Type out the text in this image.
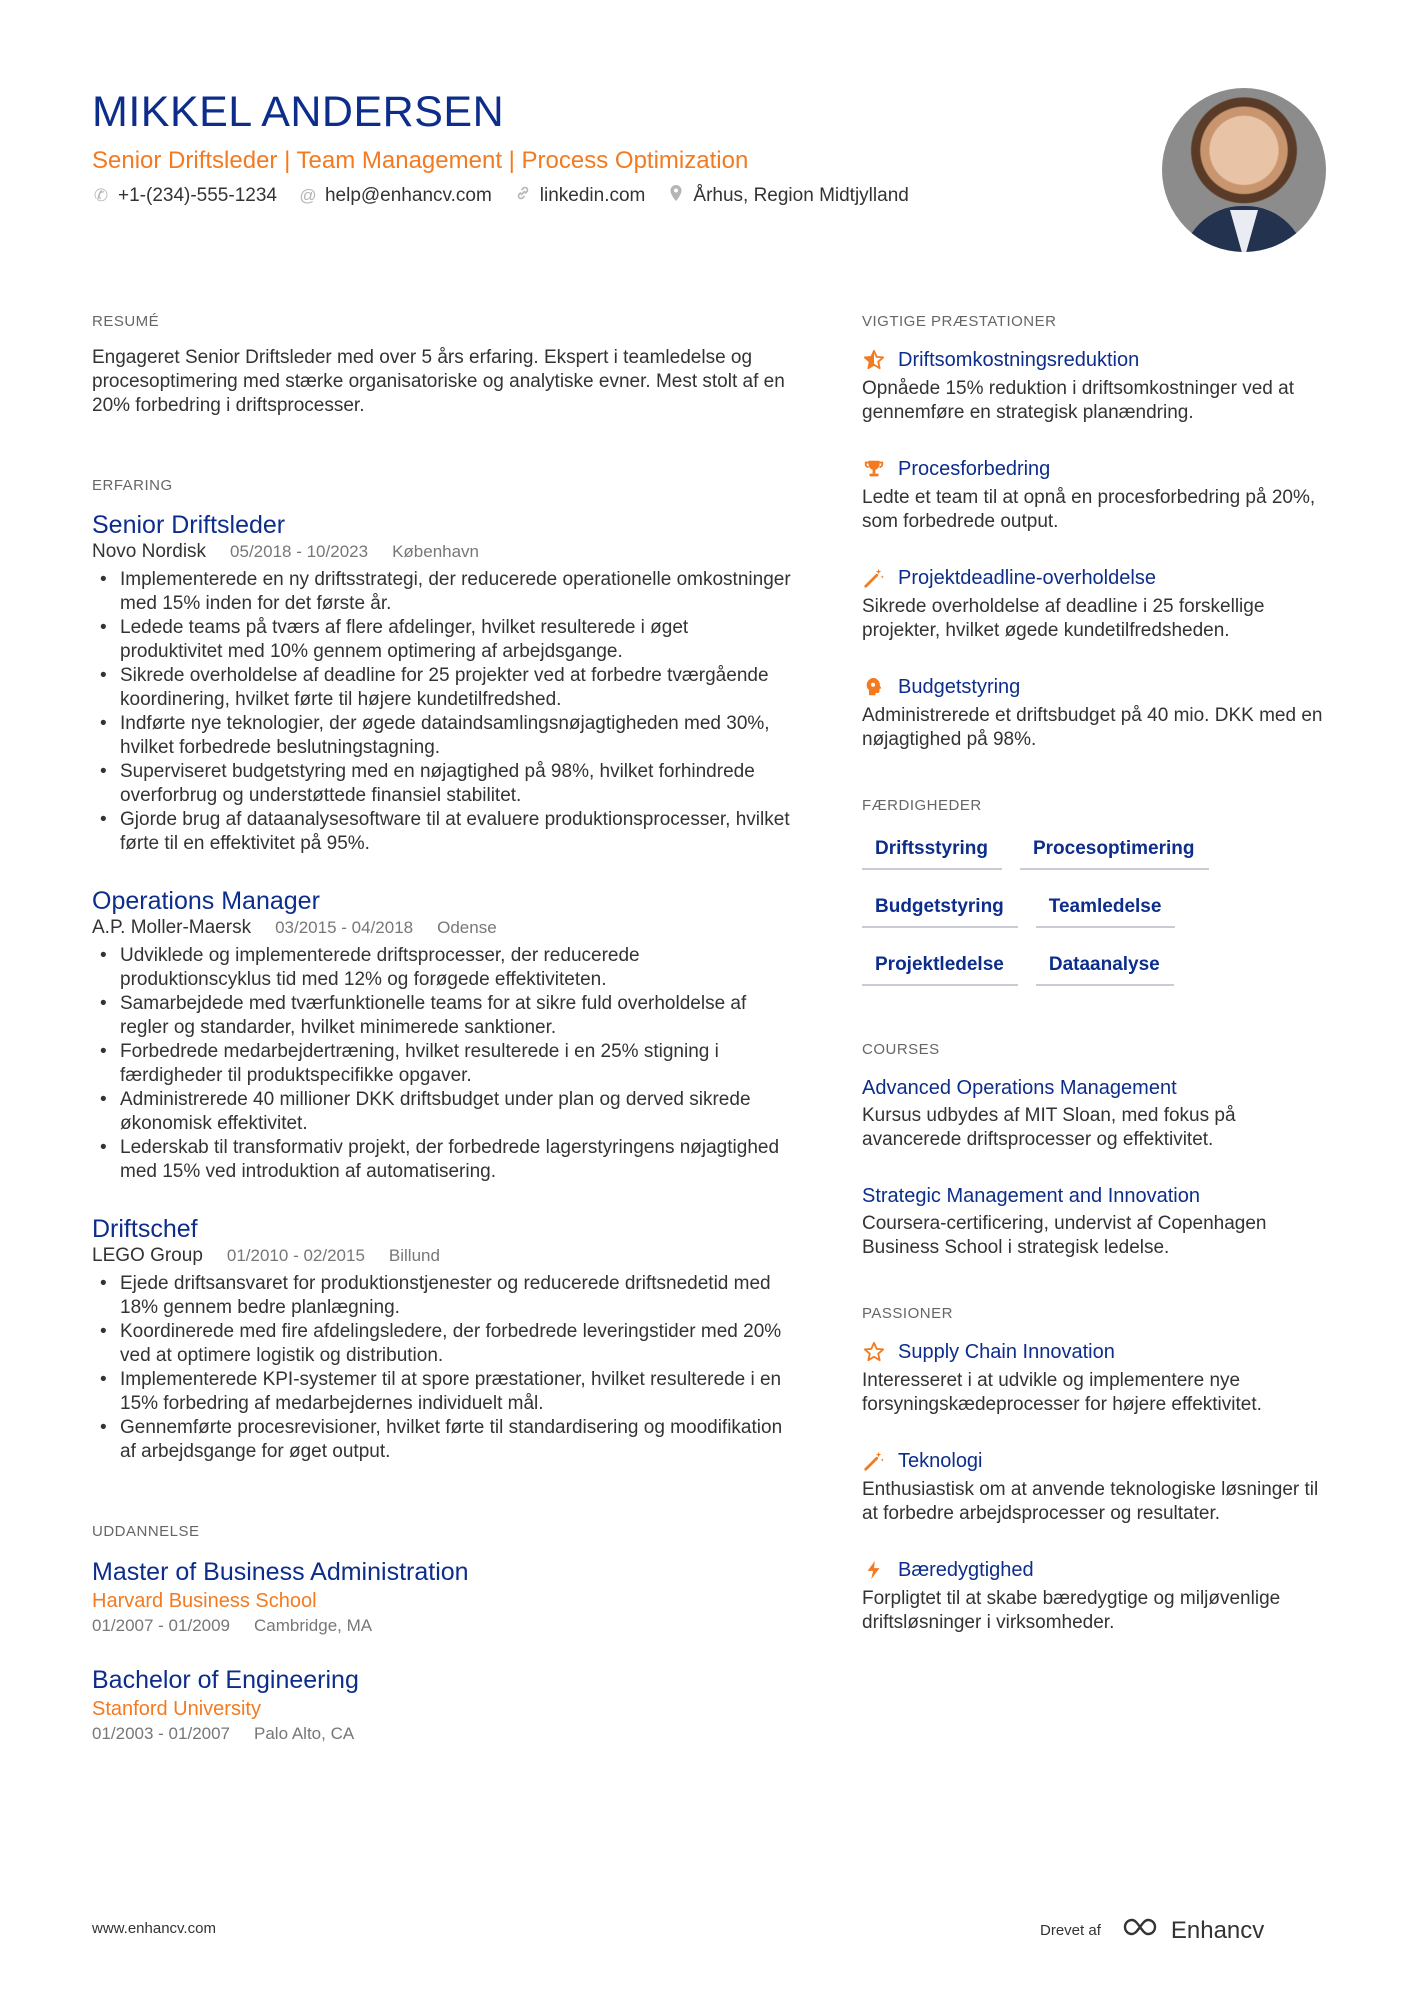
MIKKEL ANDERSEN
Senior Driftsleder | Team Management | Process Optimization
✆ +1-(234)-555-1234 @ help@enhancv.com	linkedin.com	Århus, Region Midtjylland
RESUMÉ
Engageret Senior Driftsleder med over 5 års erfaring. Ekspert i teamledelse og procesoptimering med stærke organisatoriske og analytiske evner. Mest stolt af en 20% forbedring i driftsprocesser.
ERFARING
Senior Driftsleder
Novo Nordisk 05/2018 - 10/2023 København
• Implementerede en ny driftsstrategi, der reducerede operationelle omkostninger med 15% inden for det første år.
• Ledede teams på tværs af flere afdelinger, hvilket resulterede i øget produktivitet med 10% gennem optimering af arbejdsgange.
• Sikrede overholdelse af deadline for 25 projekter ved at forbedre tværgående koordinering, hvilket førte til højere kundetilfredshed.
• Indførte nye teknologier, der øgede dataindsamlingsnøjagtigheden med 30%, hvilket forbedrede beslutningstagning.
• Superviseret budgetstyring med en nøjagtighed på 98%, hvilket forhindrede overforbrug og understøttede finansiel stabilitet.
• Gjorde brug af dataanalysesoftware til at evaluere produktionsprocesser, hvilket førte til en effektivitet på 95%.
Operations Manager
A.P. Moller-Maersk 03/2015 - 04/2018 Odense
• Udviklede og implementerede driftsprocesser, der reducerede produktionscyklus tid med 12% og forøgede effektiviteten.
• Samarbejdede med tværfunktionelle teams for at sikre fuld overholdelse af regler og standarder, hvilket minimerede sanktioner.
• Forbedrede medarbejdertræning, hvilket resulterede i en 25% stigning i færdigheder til produktspecifikke opgaver.
• Administrerede 40 millioner DKK driftsbudget under plan og derved sikrede økonomisk effektivitet.
• Lederskab til transformativ projekt, der forbedrede lagerstyringens nøjagtighed med 15% ved introduktion af automatisering.
Driftschef
LEGO Group 01/2010 - 02/2015 Billund
• Ejede driftsansvaret for produktionstjenester og reducerede driftsnedetid med 18% gennem bedre planlægning.
• Koordinerede med fire afdelingsledere, der forbedrede leveringstider med 20% ved at optimere logistik og distribution.
• Implementerede KPI-systemer til at spore præstationer, hvilket resulterede i en 15% forbedring af medarbejdernes individuelt mål.
• Gennemførte procesrevisioner, hvilket førte til standardisering og moodifikation af arbejdsgange for øget output.
UDDANNELSE
Master of Business Administration
Harvard Business School
01/2007 - 01/2009 Cambridge, MA
Bachelor of Engineering
Stanford University
01/2003 - 01/2007 Palo Alto, CA
VIGTIGE PRÆSTATIONER
Driftsomkostningsreduktion
Opnåede 15% reduktion i driftsomkostninger ved at gennemføre en strategisk planændring.
Procesforbedring
Ledte et team til at opnå en procesforbedring på 20%, som forbedrede output.
Projektdeadline-overholdelse
Sikrede overholdelse af deadline i 25 forskellige projekter, hvilket øgede kundetilfredsheden.
Budgetstyring
Administrerede et driftsbudget på 40 mio. DKK med en nøjagtighed på 98%.
FÆRDIGHEDER
Driftsstyring	Procesoptimering
Budgetstyring	Teamledelse
Projektledelse	Dataanalyse
COURSES
Advanced Operations Management
Kursus udbydes af MIT Sloan, med fokus på avancerede driftsprocesser og effektivitet.
Strategic Management and Innovation
Coursera-certificering, undervist af Copenhagen Business School i strategisk ledelse.
PASSIONER
Supply Chain Innovation
Interesseret i at udvikle og implementere nye forsyningskædeprocesser for højere effektivitet.
Teknologi
Enthusiastisk om at anvende teknologiske løsninger til at forbedre arbejdsprocesser og resultater.
Bæredygtighed
Forpligtet til at skabe bæredygtige og miljøvenlige driftsløsninger i virksomheder.
www.enhancv.com	Drevet af	Enhancv
